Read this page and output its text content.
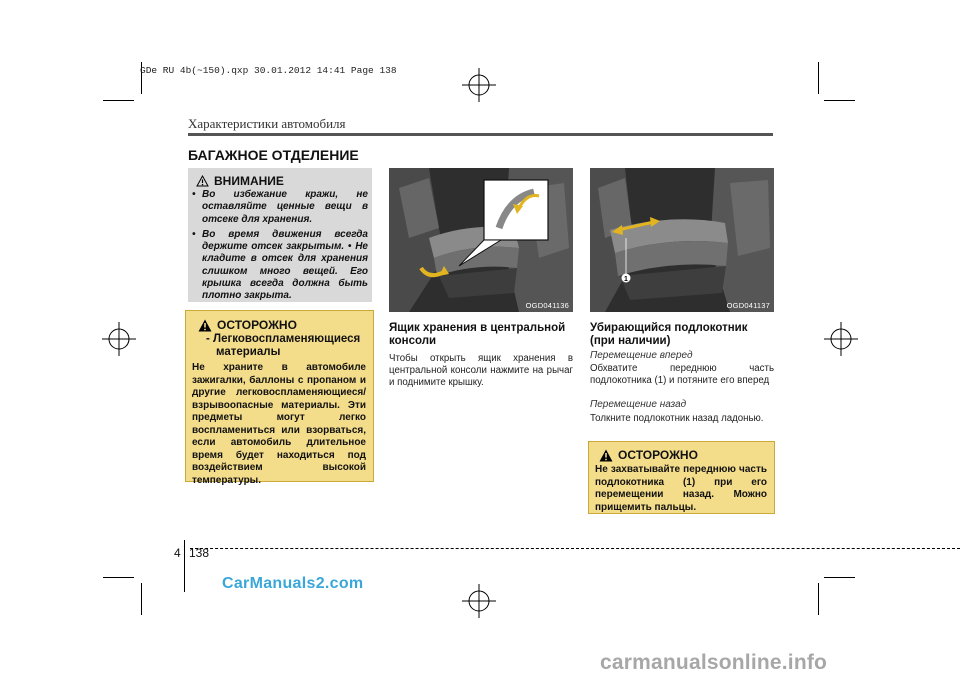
GDe RU 4b(~150).qxp 30.01.2012 14:41 Page 138
Характеристики автомобиля
БАГАЖНОЕ ОТДЕЛЕНИЕ
ВНИМАНИЕ
• Во избежание кражи, не оставляйте ценные вещи в отсеке для хранения.
• Во время движения всегда держите отсек закрытым. • Не кладите в отсек для хранения слишком много вещей. Его крышка всегда должна быть плотно закрыта.
ОСТОРОЖНО
- Легковоспламеняющиеся
материалы
Не храните в автомобиле зажигалки, баллоны с пропаном и другие легковоспламеняющиеся/взрывоопасные материалы. Эти предметы могут легко воспламениться или взорваться, если автомобиль длительное время будет находиться под воздействием высокой температуры.
OGD041136
1
OGD041137
Ящик хранения в центральной консоли
Чтобы открыть ящик хранения в центральной консоли нажмите на рычаг и поднимите крышку.
Убирающийся подлокотник (при наличии)
Перемещение вперед
Обхватите переднюю часть подлокотника (1) и потяните его вперед
Перемещение назад
Толкните подлокотник назад ладонью.
ОСТОРОЖНО
Не захватывайте переднюю часть подлокотника (1) при его перемещении назад. Можно прищемить пальцы.
4 138
CarManuals2.com
carmanualsonline.info
